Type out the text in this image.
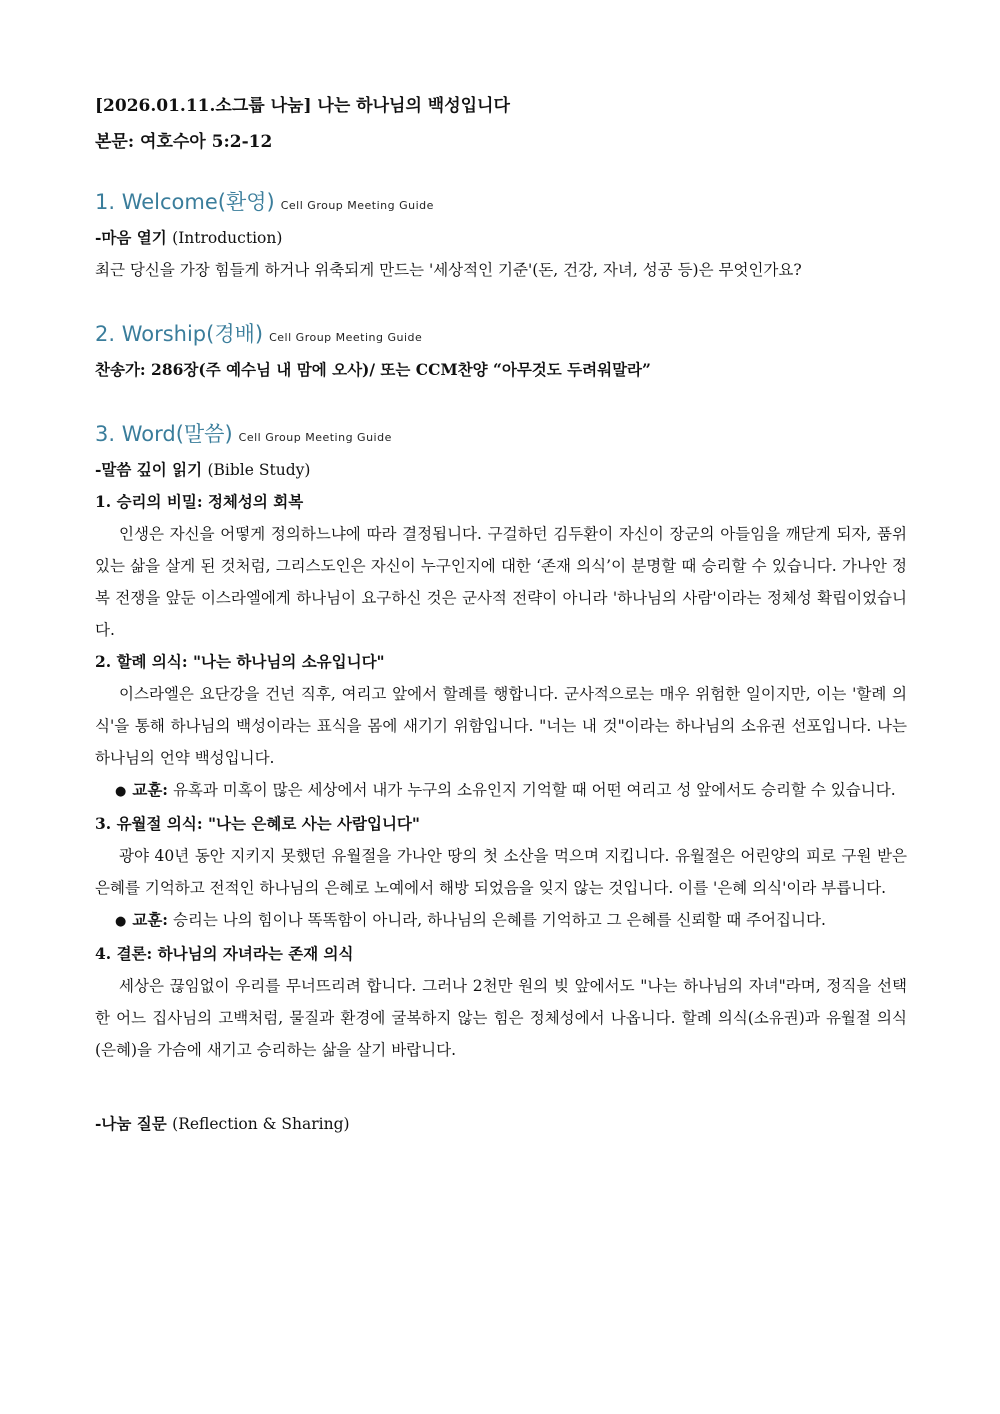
[2026.01.11.소그룹 나눔] 나는 하나님의 백성입니다
본문: 여호수아 5:2-12
1. Welcome(환영) Cell Group Meeting Guide
-마음 열기 (Introduction)
최근 당신을 가장 힘들게 하거나 위축되게 만드는 '세상적인 기준'(돈, 건강, 자녀, 성공 등)은 무엇인가요?
2. Worship(경배) Cell Group Meeting Guide
찬송가: 286장(주 예수님 내 맘에 오사)/ 또는 CCM찬양 “아무것도 두려워말라”
3. Word(말씀) Cell Group Meeting Guide
-말씀 깊이 읽기 (Bible Study)
1. 승리의 비밀: 정체성의 회복
인생은 자신을 어떻게 정의하느냐에 따라 결정됩니다. 구걸하던 김두환이 자신이 장군의 아들임을 깨닫게 되자, 품위 있는 삶을 살게 된 것처럼, 그리스도인은 자신이 누구인지에 대한 ‘존재 의식’이 분명할 때 승리할 수 있습니다. 가나안 정복 전쟁을 앞둔 이스라엘에게 하나님이 요구하신 것은 군사적 전략이 아니라 '하나님의 사람'이라는 정체성 확립이었습니다.
2. 할례 의식: "나는 하나님의 소유입니다"
이스라엘은 요단강을 건넌 직후, 여리고 앞에서 할례를 행합니다. 군사적으로는 매우 위험한 일이지만, 이는 '할례 의식'을 통해 하나님의 백성이라는 표식을 몸에 새기기 위함입니다. "너는 내 것"이라는 하나님의 소유권 선포입니다. 나는 하나님의 언약 백성입니다.
● 교훈: 유혹과 미혹이 많은 세상에서 내가 누구의 소유인지 기억할 때 어떤 여리고 성 앞에서도 승리할 수 있습니다.
3. 유월절 의식: "나는 은혜로 사는 사람입니다"
광야 40년 동안 지키지 못했던 유월절을 가나안 땅의 첫 소산을 먹으며 지킵니다. 유월절은 어린양의 피로 구원 받은 은혜를 기억하고 전적인 하나님의 은혜로 노예에서 해방 되었음을 잊지 않는 것입니다. 이를 '은혜 의식'이라 부릅니다.
● 교훈: 승리는 나의 힘이나 똑똑함이 아니라, 하나님의 은혜를 기억하고 그 은혜를 신뢰할 때 주어집니다.
4. 결론: 하나님의 자녀라는 존재 의식
세상은 끊임없이 우리를 무너뜨리려 합니다. 그러나 2천만 원의 빚 앞에서도 "나는 하나님의 자녀"라며, 정직을 선택한 어느 집사님의 고백처럼, 물질과 환경에 굴복하지 않는 힘은 정체성에서 나옵니다. 할례 의식(소유권)과 유월절 의식(은혜)을 가슴에 새기고 승리하는 삶을 살기 바랍니다.
-나눔 질문 (Reflection & Sharing)
